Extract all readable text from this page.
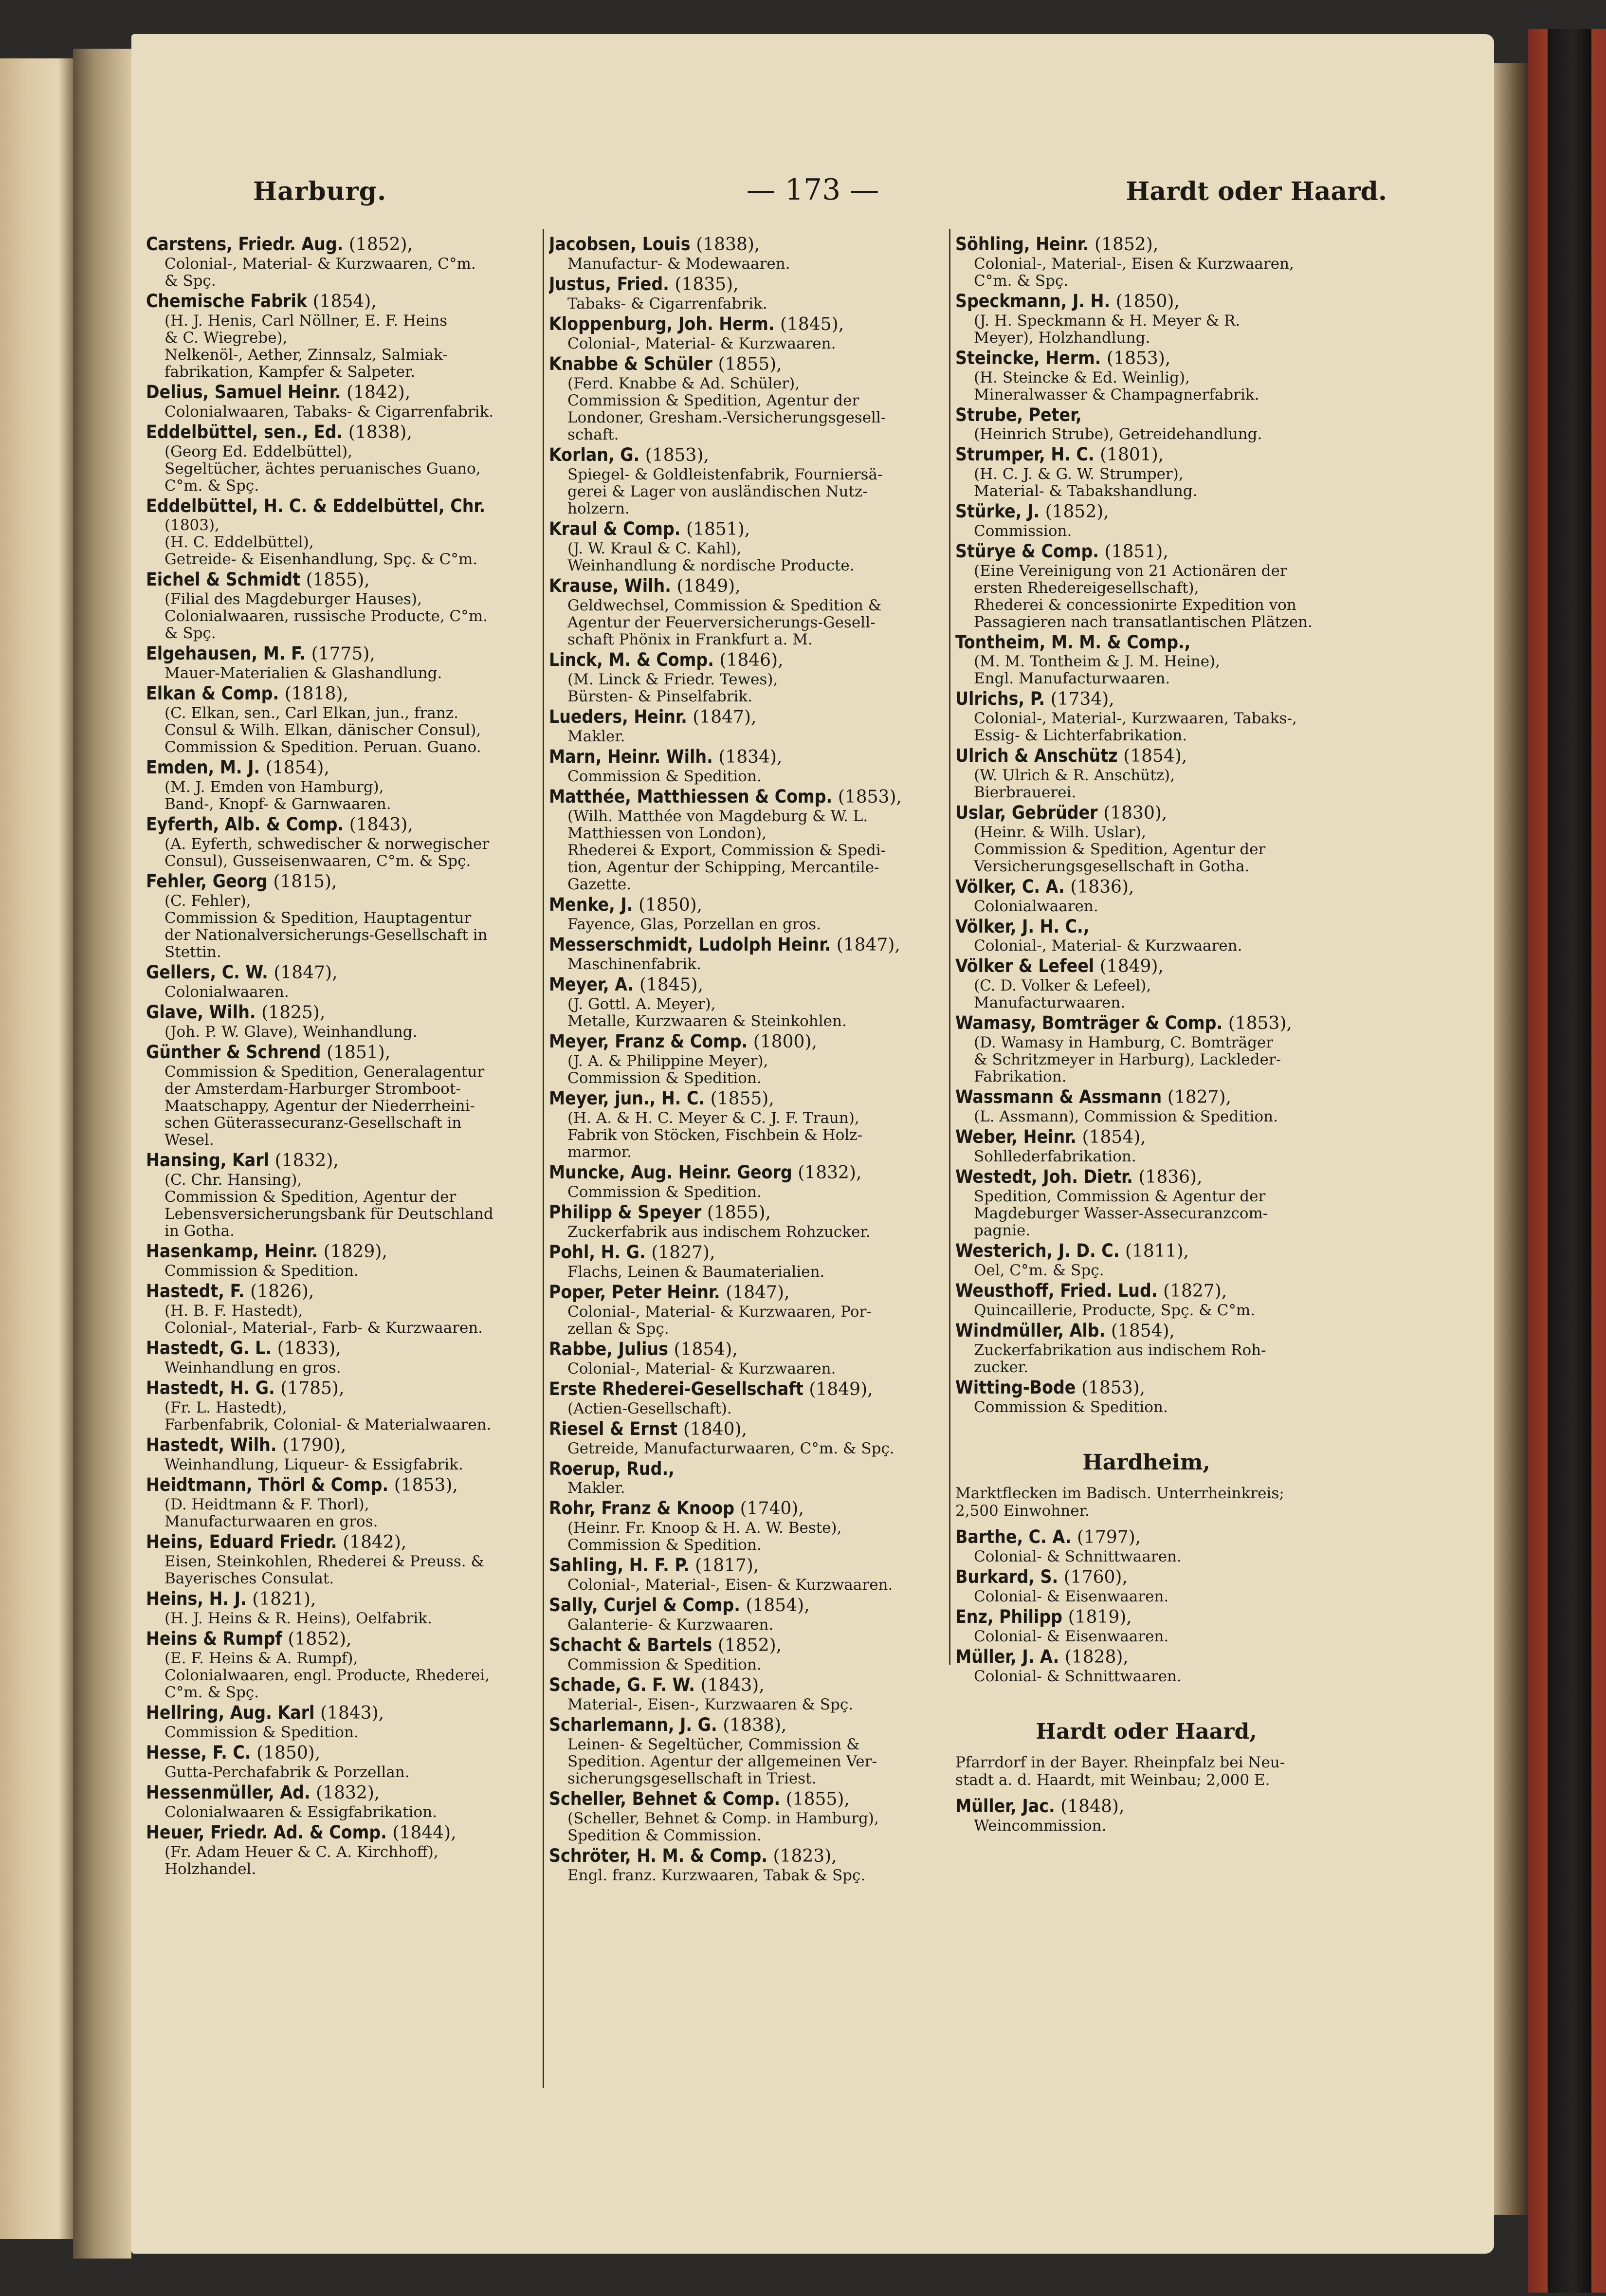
Harburg.	— 173 —	Hardt oder Haard.
Carstens, Friedr. Aug. (1852),
Colonial-, Material- & Kurzwaaren, C°m.
& Spç.
Chemische Fabrik (1854),
(H. J. Henis, Carl Nöllner, E. F. Heins
& C. Wiegrebe),
Nelkenöl-, Aether, Zinnsalz, Salmiak-
fabrikation, Kampfer & Salpeter.
Delius, Samuel Heinr. (1842),
Colonialwaaren, Tabaks- & Cigarrenfabrik.
Eddelbüttel, sen., Ed. (1838),
(Georg Ed. Eddelbüttel),
Segeltücher, ächtes peruanisches Guano,
C°m. & Spç.
Eddelbüttel, H. C. & Eddelbüttel, Chr.
(1803),
(H. C. Eddelbüttel),
Getreide- & Eisenhandlung, Spç. & C°m.
Eichel & Schmidt (1855),
(Filial des Magdeburger Hauses),
Colonialwaaren, russische Producte, C°m.
& Spç.
Elgehausen, M. F. (1775),
Mauer-Materialien & Glashandlung.
Elkan & Comp. (1818),
(C. Elkan, sen., Carl Elkan, jun., franz.
Consul & Wilh. Elkan, dänischer Consul),
Commission & Spedition. Peruan. Guano.
Emden, M. J. (1854),
(M. J. Emden von Hamburg),
Band-, Knopf- & Garnwaaren.
Eyferth, Alb. & Comp. (1843),
(A. Eyferth, schwedischer & norwegischer
Consul), Gusseisenwaaren, C°m. & Spç.
Fehler, Georg (1815),
(C. Fehler),
Commission & Spedition, Hauptagentur
der Nationalversicherungs-Gesellschaft in
Stettin.
Gellers, C. W. (1847),
Colonialwaaren.
Glave, Wilh. (1825),
(Joh. P. W. Glave), Weinhandlung.
Günther & Schrend (1851),
Commission & Spedition, Generalagentur
der Amsterdam-Harburger Stromboot-
Maatschappy, Agentur der Niederrheini-
schen Güterassecuranz-Gesellschaft in
Wesel.
Hansing, Karl (1832),
(C. Chr. Hansing),
Commission & Spedition, Agentur der
Lebensversicherungsbank für Deutschland
in Gotha.
Hasenkamp, Heinr. (1829),
Commission & Spedition.
Hastedt, F. (1826),
(H. B. F. Hastedt),
Colonial-, Material-, Farb- & Kurzwaaren.
Hastedt, G. L. (1833),
Weinhandlung en gros.
Hastedt, H. G. (1785),
(Fr. L. Hastedt),
Farbenfabrik, Colonial- & Materialwaaren.
Hastedt, Wilh. (1790),
Weinhandlung, Liqueur- & Essigfabrik.
Heidtmann, Thörl & Comp. (1853),
(D. Heidtmann & F. Thorl),
Manufacturwaaren en gros.
Heins, Eduard Friedr. (1842),
Eisen, Steinkohlen, Rhederei & Preuss. &
Bayerisches Consulat.
Heins, H. J. (1821),
(H. J. Heins & R. Heins), Oelfabrik.
Heins & Rumpf (1852),
(E. F. Heins & A. Rumpf),
Colonialwaaren, engl. Producte, Rhederei,
C°m. & Spç.
Hellring, Aug. Karl (1843),
Commission & Spedition.
Hesse, F. C. (1850),
Gutta-Perchafabrik & Porzellan.
Hessenmüller, Ad. (1832),
Colonialwaaren & Essigfabrikation.
Heuer, Friedr. Ad. & Comp. (1844),
(Fr. Adam Heuer & C. A. Kirchhoff),
Holzhandel.
Jacobsen, Louis (1838),
Manufactur- & Modewaaren.
Justus, Fried. (1835),
Tabaks- & Cigarrenfabrik.
Kloppenburg, Joh. Herm. (1845),
Colonial-, Material- & Kurzwaaren.
Knabbe & Schüler (1855),
(Ferd. Knabbe & Ad. Schüler),
Commission & Spedition, Agentur der
Londoner, Gresham.-Versicherungsgesell-
schaft.
Korlan, G. (1853),
Spiegel- & Goldleistenfabrik, Fourniersä-
gerei & Lager von ausländischen Nutz-
holzern.
Kraul & Comp. (1851),
(J. W. Kraul & C. Kahl),
Weinhandlung & nordische Producte.
Krause, Wilh. (1849),
Geldwechsel, Commission & Spedition &
Agentur der Feuerversicherungs-Gesell-
schaft Phönix in Frankfurt a. M.
Linck, M. & Comp. (1846),
(M. Linck & Friedr. Tewes),
Bürsten- & Pinselfabrik.
Lueders, Heinr. (1847),
Makler.
Marn, Heinr. Wilh. (1834),
Commission & Spedition.
Matthée, Matthiessen & Comp. (1853),
(Wilh. Matthée von Magdeburg & W. L.
Matthiessen von London),
Rhederei & Export, Commission & Spedi-
tion, Agentur der Schipping, Mercantile-
Gazette.
Menke, J. (1850),
Fayence, Glas, Porzellan en gros.
Messerschmidt, Ludolph Heinr. (1847),
Maschinenfabrik.
Meyer, A. (1845),
(J. Gottl. A. Meyer),
Metalle, Kurzwaaren & Steinkohlen.
Meyer, Franz & Comp. (1800),
(J. A. & Philippine Meyer),
Commission & Spedition.
Meyer, jun., H. C. (1855),
(H. A. & H. C. Meyer & C. J. F. Traun),
Fabrik von Stöcken, Fischbein & Holz-
marmor.
Muncke, Aug. Heinr. Georg (1832),
Commission & Spedition.
Philipp & Speyer (1855),
Zuckerfabrik aus indischem Rohzucker.
Pohl, H. G. (1827),
Flachs, Leinen & Baumaterialien.
Poper, Peter Heinr. (1847),
Colonial-, Material- & Kurzwaaren, Por-
zellan & Spç.
Rabbe, Julius (1854),
Colonial-, Material- & Kurzwaaren.
Erste Rhederei-Gesellschaft (1849),
(Actien-Gesellschaft).
Riesel & Ernst (1840),
Getreide, Manufacturwaaren, C°m. & Spç.
Roerup, Rud.,
Makler.
Rohr, Franz & Knoop (1740),
(Heinr. Fr. Knoop & H. A. W. Beste),
Commission & Spedition.
Sahling, H. F. P. (1817),
Colonial-, Material-, Eisen- & Kurzwaaren.
Sally, Curjel & Comp. (1854),
Galanterie- & Kurzwaaren.
Schacht & Bartels (1852),
Commission & Spedition.
Schade, G. F. W. (1843),
Material-, Eisen-, Kurzwaaren & Spç.
Scharlemann, J. G. (1838),
Leinen- & Segeltücher, Commission &
Spedition. Agentur der allgemeinen Ver-
sicherungsgesellschaft in Triest.
Scheller, Behnet & Comp. (1855),
(Scheller, Behnet & Comp. in Hamburg),
Spedition & Commission.
Schröter, H. M. & Comp. (1823),
Engl. franz. Kurzwaaren, Tabak & Spç.
Söhling, Heinr. (1852),
Colonial-, Material-, Eisen & Kurzwaaren,
C°m. & Spç.
Speckmann, J. H. (1850),
(J. H. Speckmann & H. Meyer & R.
Meyer), Holzhandlung.
Steincke, Herm. (1853),
(H. Steincke & Ed. Weinlig),
Mineralwasser & Champagnerfabrik.
Strube, Peter,
(Heinrich Strube), Getreidehandlung.
Strumper, H. C. (1801),
(H. C. J. & G. W. Strumper),
Material- & Tabakshandlung.
Stürke, J. (1852),
Commission.
Stürye & Comp. (1851),
(Eine Vereinigung von 21 Actionären der
ersten Rhedereigesellschaft),
Rhederei & concessionirte Expedition von
Passagieren nach transatlantischen Plätzen.
Tontheim, M. M. & Comp.,
(M. M. Tontheim & J. M. Heine),
Engl. Manufacturwaaren.
Ulrichs, P. (1734),
Colonial-, Material-, Kurzwaaren, Tabaks-,
Essig- & Lichterfabrikation.
Ulrich & Anschütz (1854),
(W. Ulrich & R. Anschütz),
Bierbrauerei.
Uslar, Gebrüder (1830),
(Heinr. & Wilh. Uslar),
Commission & Spedition, Agentur der
Versicherungsgesellschaft in Gotha.
Völker, C. A. (1836),
Colonialwaaren.
Völker, J. H. C.,
Colonial-, Material- & Kurzwaaren.
Völker & Lefeel (1849),
(C. D. Volker & Lefeel),
Manufacturwaaren.
Wamasy, Bomträger & Comp. (1853),
(D. Wamasy in Hamburg, C. Bomträger
& Schritzmeyer in Harburg), Lackleder-
Fabrikation.
Wassmann & Assmann (1827),
(L. Assmann), Commission & Spedition.
Weber, Heinr. (1854),
Sohllederfabrikation.
Westedt, Joh. Dietr. (1836),
Spedition, Commission & Agentur der
Magdeburger Wasser-Assecuranzcom-
pagnie.
Westerich, J. D. C. (1811),
Oel, C°m. & Spç.
Weusthoff, Fried. Lud. (1827),
Quincaillerie, Producte, Spç. & C°m.
Windmüller, Alb. (1854),
Zuckerfabrikation aus indischem Roh-
zucker.
Witting-Bode (1853),
Commission & Spedition.
Hardheim,
Marktflecken im Badisch. Unterrheinkreis;
2,500 Einwohner.
Barthe, C. A. (1797),
Colonial- & Schnittwaaren.
Burkard, S. (1760),
Colonial- & Eisenwaaren.
Enz, Philipp (1819),
Colonial- & Eisenwaaren.
Müller, J. A. (1828),
Colonial- & Schnittwaaren.
Hardt oder Haard,
Pfarrdorf in der Bayer. Rheinpfalz bei Neu-
stadt a. d. Haardt, mit Weinbau; 2,000 E.
Müller, Jac. (1848),
Weincommission.
